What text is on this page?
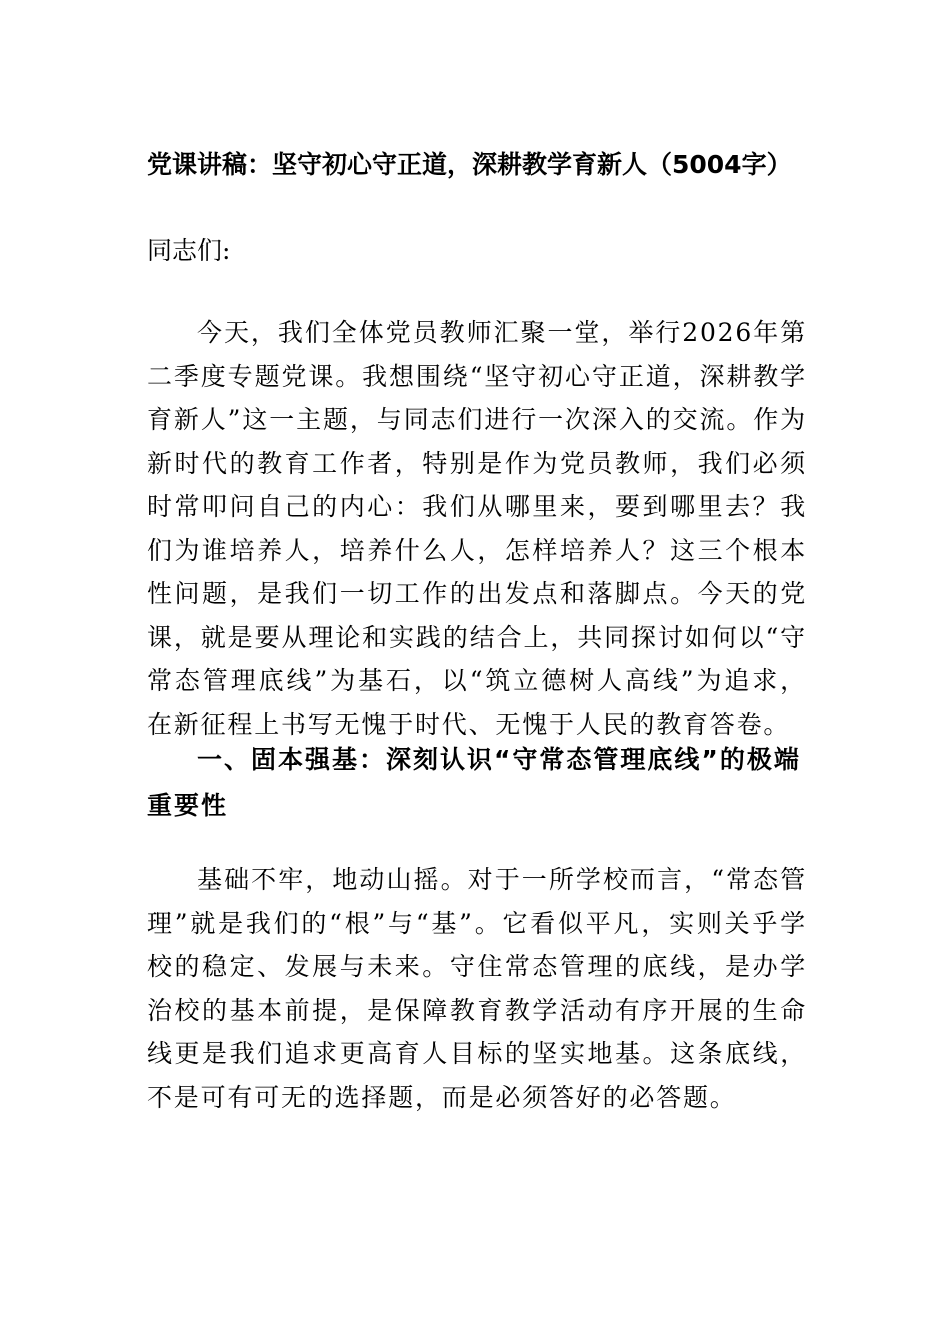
党课讲稿：坚守初心守正道，深耕教学育新人（5004字）

同志们:

今天，我们全体党员教师汇聚一堂，举行2026年第二季度专题党课。我想围绕“坚守初心守正道，深耕教学育新人”这一主题，与同志们进行一次深入的交流。作为新时代的教育工作者，特别是作为党员教师，我们必须时常叩问自己的内心：我们从哪里来，要到哪里去？我们为谁培养人，培养什么人，怎样培养人？这三个根本性问题，是我们一切工作的出发点和落脚点。今天的党课，就是要从理论和实践的结合上，共同探讨如何以“守常态管理底线”为基石，以“筑立德树人高线”为追求，在新征程上书写无愧于时代、无愧于人民的教育答卷。

一、固本强基：深刻认识“守常态管理底线”的极端重要性

基础不牢，地动山摇。对于一所学校而言，“常态管理”就是我们的“根”与“基”。它看似平凡，实则关乎学校的稳定、发展与未来。守住常态管理的底线，是办学治校的基本前提，是保障教育教学活动有序开展的生命线更是我们追求更高育人目标的坚实地基。这条底线，不是可有可无的选择题，而是必须答好的必答题。
